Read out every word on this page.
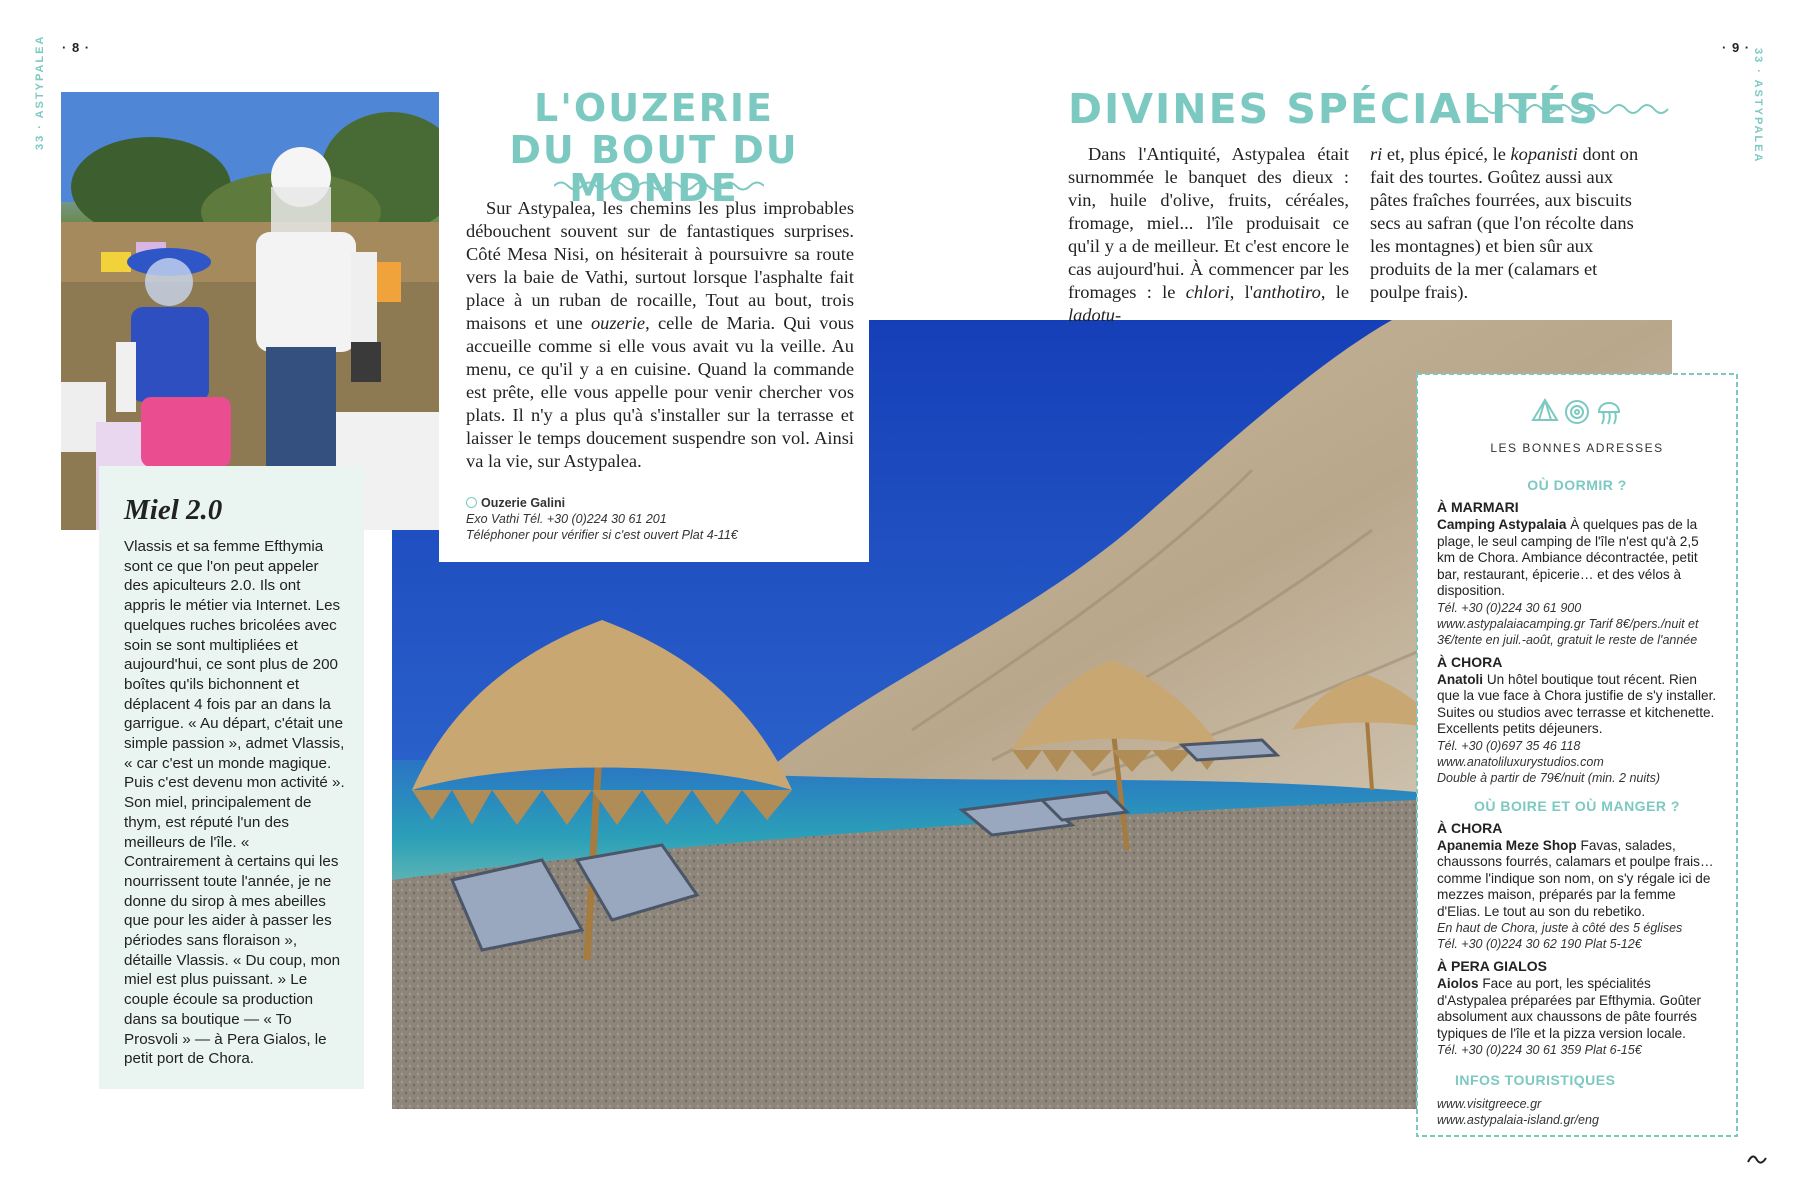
· 8 ·	· 9 ·
33 · ASTYPALEA	33 · ASTYPALEA
L'OUZERIE
DU BOUT DU MONDE

Sur Astypalea, les chemins les plus improbables débouchent souvent sur de fantastiques surprises. Côté Mesa Nisi, on hésiterait à poursuivre sa route vers la baie de Vathi, surtout lorsque l'asphalte fait place à un ruban de rocaille, Tout au bout, trois maisons et une ouzerie, celle de Maria. Qui vous accueille comme si elle vous avait vu la veille. Au menu, ce qu'il y a en cuisine. Quand la commande est prête, elle vous appelle pour venir chercher vos plats. Il n'y a plus qu'à s'installer sur la terrasse et laisser le temps doucement suspendre son vol. Ainsi va la vie, sur Astypalea.

Ouzerie Galini
Exo Vathi Tél. +30 (0)224 30 61 201
Téléphoner pour vérifier si c'est ouvert Plat 4-11€
Miel 2.0

Vlassis et sa femme Efthymia sont ce que l'on peut appeler des apiculteurs 2.0. Ils ont appris le métier via Internet. Les quelques ruches bricolées avec soin se sont multipliées et aujourd'hui, ce sont plus de 200 boîtes qu'ils bichonnent et déplacent 4 fois par an dans la garrigue. « Au départ, c'était une simple passion », admet Vlassis, « car c'est un monde magique. Puis c'est devenu mon activité ». Son miel, principalement de thym, est réputé l'un des meilleurs de l'île. « Contrairement à certains qui les nourrissent toute l'année, je ne donne du sirop à mes abeilles que pour les aider à passer les périodes sans floraison », détaille Vlassis. « Du coup, mon miel est plus puissant. » Le couple écoule sa production dans sa boutique — « To Prosvoli » — à Pera Gialos, le petit port de Chora.

DIVINES SPÉCIALITÉS

Dans l'Antiquité, Astypalea était surnommée le banquet des dieux : vin, huile d'olive, fruits, céréales, fromage, miel... l'île produisait ce qu'il y a de meilleur. Et c'est encore le cas aujourd'hui. À commencer par les fromages : le chlori, l'anthotiro, le ladotu-

ri et, plus épicé, le kopanisti dont on fait des tourtes. Goûtez aussi aux pâtes fraîches fourrées, aux biscuits secs au safran (que l'on récolte dans les montagnes) et bien sûr aux produits de la mer (calamars et poulpe frais).

LES BONNES ADRESSES
OÙ DORMIR ?
À MARMARI

Camping Astypalaia À quelques pas de la plage, le seul camping de l'île n'est qu'à 2,5 km de Chora. Ambiance décontractée, petit bar, restaurant, épicerie… et des vélos à disposition.

Tél. +30 (0)224 30 61 900 www.astypalaiacamping.gr Tarif 8€/pers./nuit et 3€/tente en juil.-août, gratuit le reste de l'année

À CHORA

Anatoli Un hôtel boutique tout récent. Rien que la vue face à Chora justifie de s'y installer. Suites ou studios avec terrasse et kitchenette. Excellents petits déjeuners.

Tél. +30 (0)697 35 46 118

www.anatoliluxurystudios.com

Double à partir de 79€/nuit (min. 2 nuits)

OÙ BOIRE ET OÙ MANGER ?
À CHORA

Apanemia Meze Shop Favas, salades, chaussons fourrés, calamars et poulpe frais… comme l'indique son nom, on s'y régale ici de mezzes maison, préparés par la femme d'Elias. Le tout au son du rebetiko.

En haut de Chora, juste à côté des 5 églises

Tél. +30 (0)224 30 62 190 Plat 5-12€

À PERA GIALOS

Aiolos Face au port, les spécialités d'Astypalea préparées par Efthymia. Goûter absolument aux chaussons de pâte fourrés typiques de l'île et la pizza version locale.

Tél. +30 (0)224 30 61 359 Plat 6-15€

INFOS TOURISTIQUES

www.visitgreece.gr

www.astypalaia-island.gr/eng
